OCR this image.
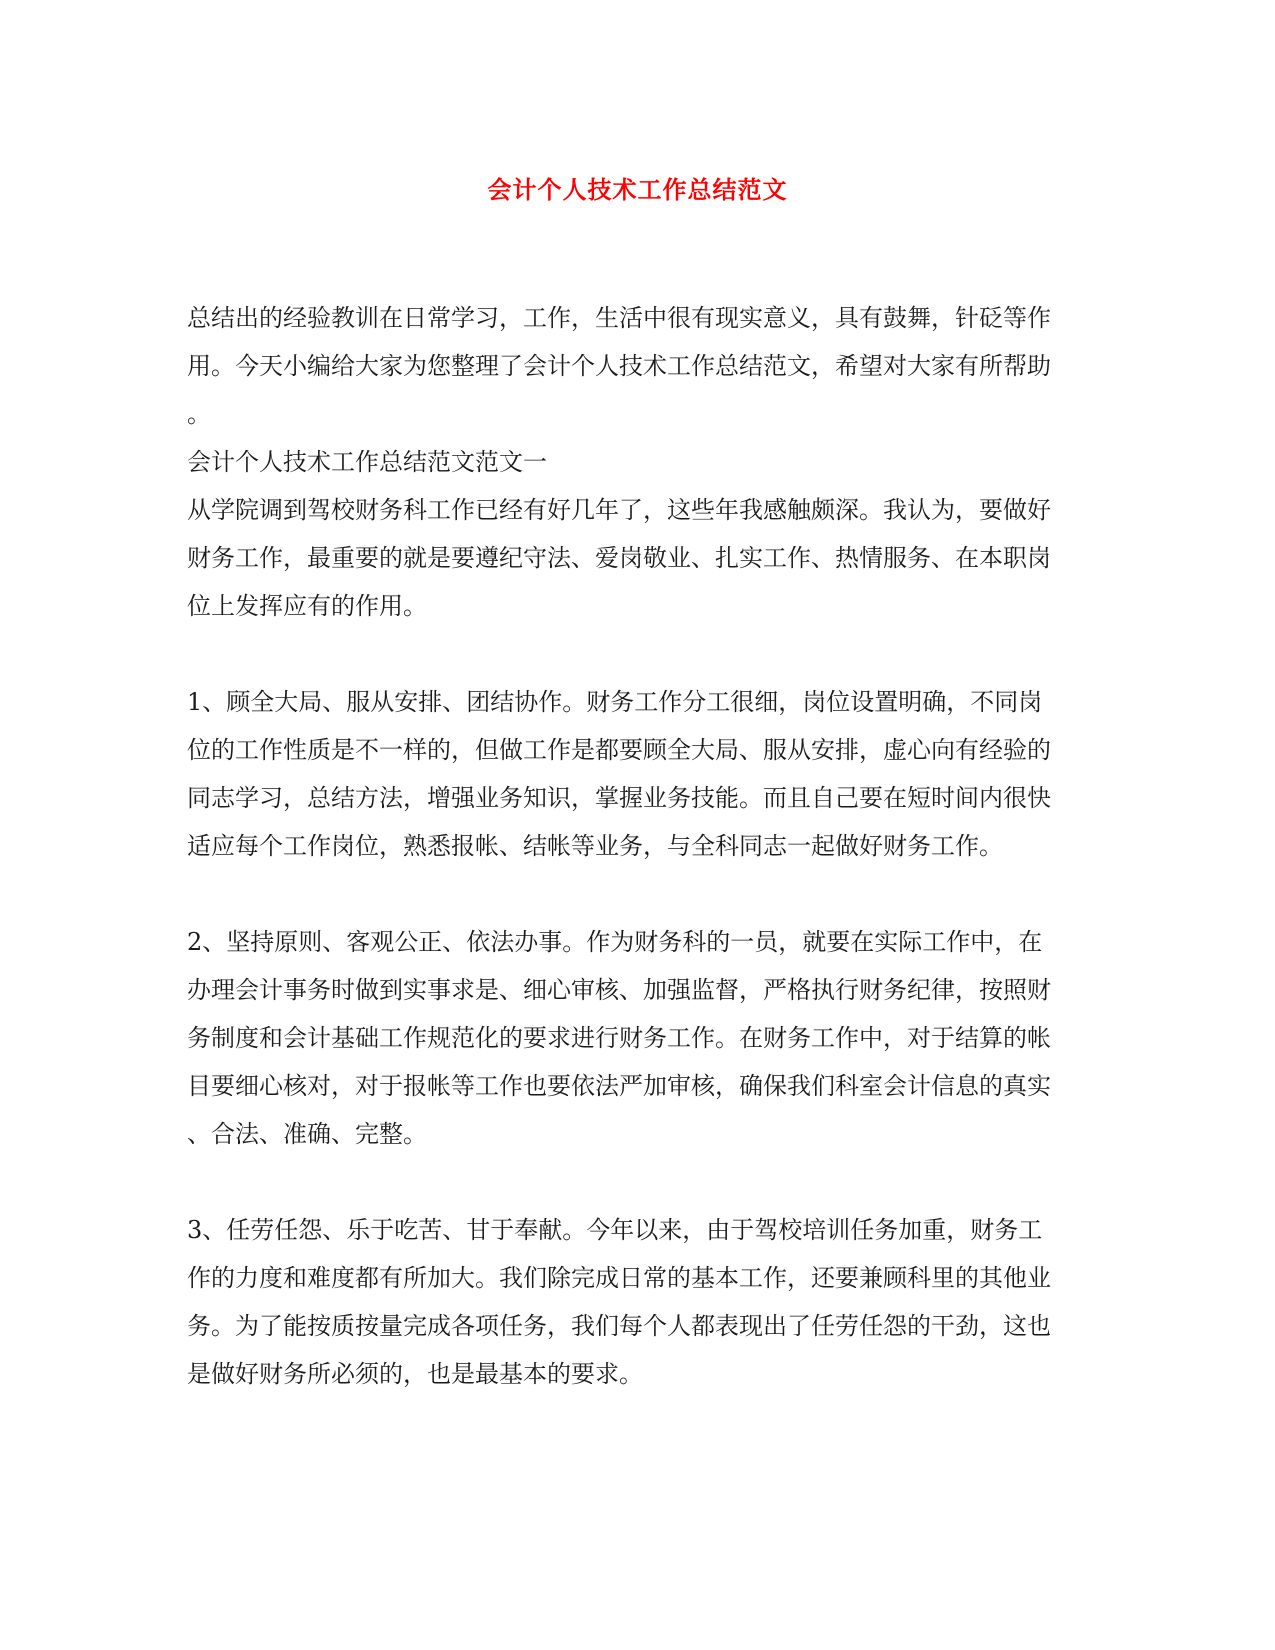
会计个人技术工作总结范文
总结出的经验教训在日常学习，工作，生活中很有现实意义，具有鼓舞，针砭等作
用。今天小编给大家为您整理了会计个人技术工作总结范文，希望对大家有所帮助
。
会计个人技术工作总结范文范文一
从学院调到驾校财务科工作已经有好几年了，这些年我感触颇深。我认为，要做好
财务工作，最重要的就是要遵纪守法、爱岗敬业、扎实工作、热情服务、在本职岗
位上发挥应有的作用。
1、顾全大局、服从安排、团结协作。财务工作分工很细，岗位设置明确，不同岗
位的工作性质是不一样的，但做工作是都要顾全大局、服从安排，虚心向有经验的
同志学习，总结方法，增强业务知识，掌握业务技能。而且自己要在短时间内很快
适应每个工作岗位，熟悉报帐、结帐等业务，与全科同志一起做好财务工作。
2、坚持原则、客观公正、依法办事。作为财务科的一员，就要在实际工作中，在
办理会计事务时做到实事求是、细心审核、加强监督，严格执行财务纪律，按照财
务制度和会计基础工作规范化的要求进行财务工作。在财务工作中，对于结算的帐
目要细心核对，对于报帐等工作也要依法严加审核，确保我们科室会计信息的真实
、合法、准确、完整。
3、任劳任怨、乐于吃苦、甘于奉献。今年以来，由于驾校培训任务加重，财务工
作的力度和难度都有所加大。我们除完成日常的基本工作，还要兼顾科里的其他业
务。为了能按质按量完成各项任务，我们每个人都表现出了任劳任怨的干劲，这也
是做好财务所必须的，也是最基本的要求。
